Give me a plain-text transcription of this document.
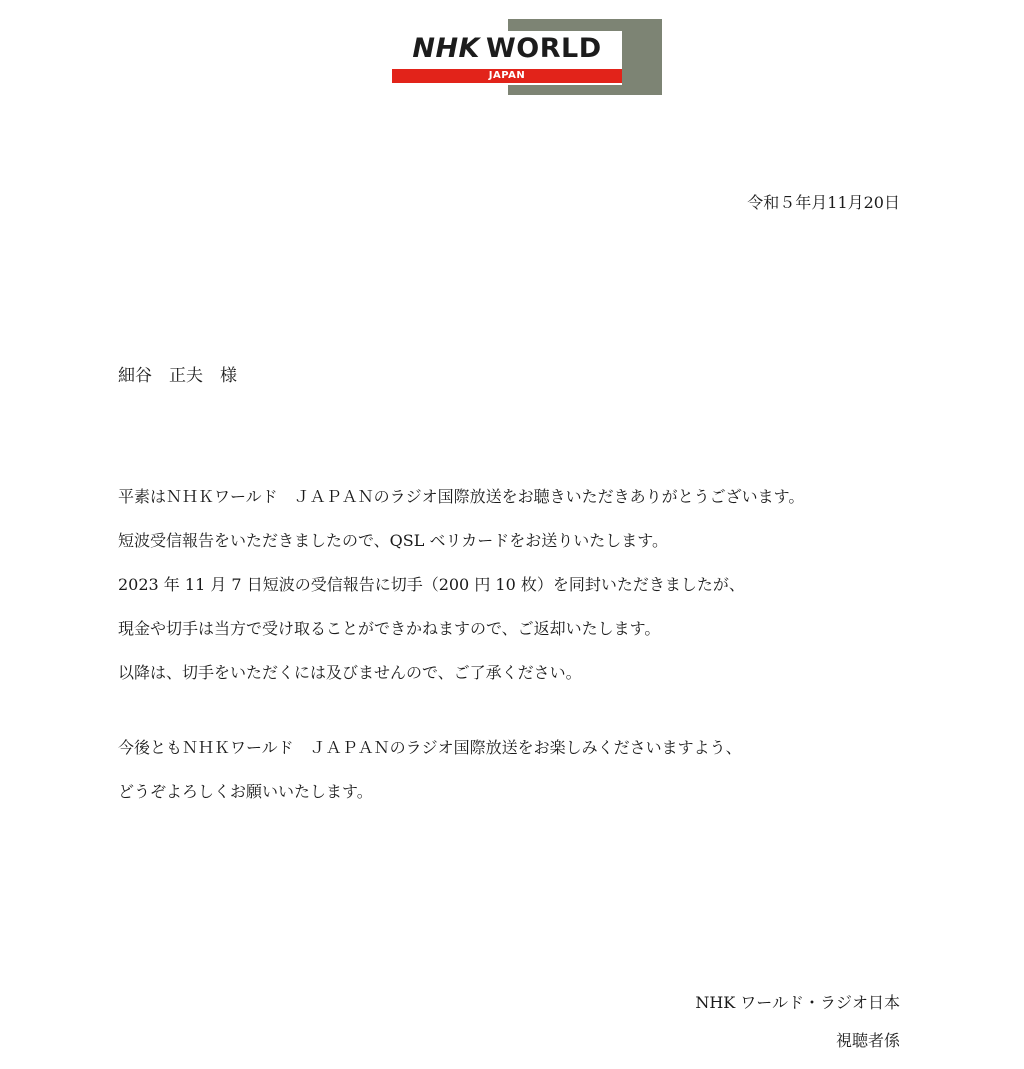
NHK WORLD
JAPAN
令和５年月11月20日
細谷　正夫　様
平素はＮＨＫワールド　ＪＡＰＡＮのラジオ国際放送をお聴きいただきありがとうございます。
短波受信報告をいただきましたので、QSL ベリカードをお送りいたします。
2023 年 11 月 7 日短波の受信報告に切手（200 円 10 枚）を同封いただきましたが、
現金や切手は当方で受け取ることができかねますので、ご返却いたします。
以降は、切手をいただくには及びませんので、ご了承ください。
今後ともＮＨＫワールド　ＪＡＰＡＮのラジオ国際放送をお楽しみくださいますよう、
どうぞよろしくお願いいたします。
NHK ワールド・ラジオ日本
視聴者係
